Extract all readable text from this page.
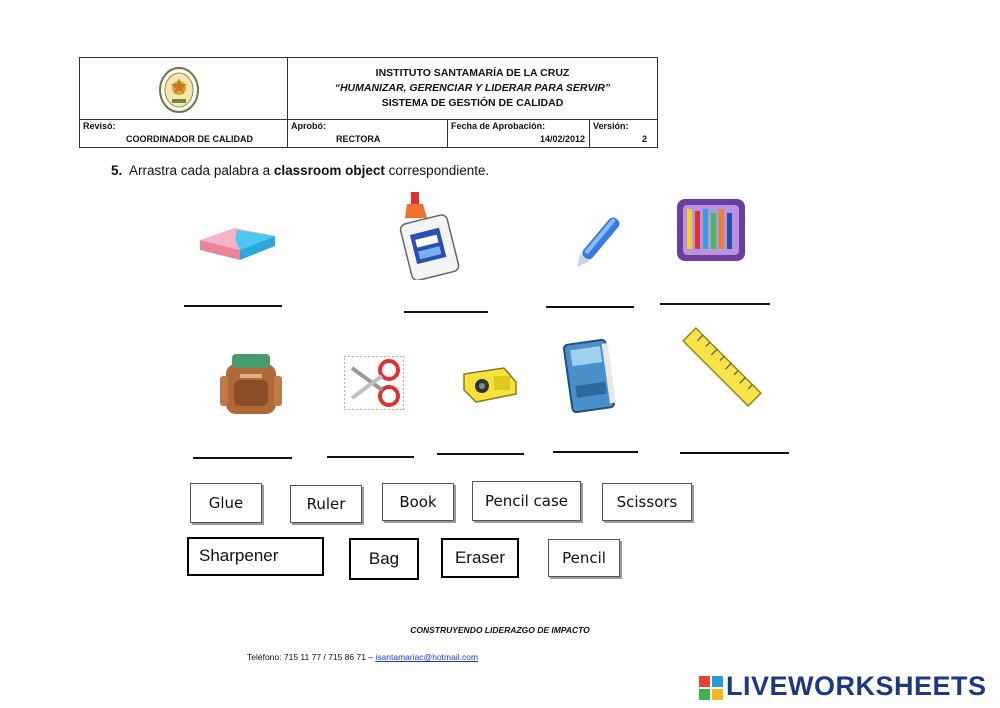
INSTITUTO SANTAMARÍA DE LA CRUZ
“HUMANIZAR, GERENCIAR Y LIDERAR PARA SERVIR”
SISTEMA DE GESTIÓN DE CALIDAD
Revisó:
COORDINADOR DE CALIDAD
Aprobó:
RECTORA
Fecha de Aprobación:
14/02/2012
Versión:
2
5. Arrastra cada palabra a classroom object correspondiente.
Glue	Ruler	Book	Pencil case	Scissors
Sharpener	Bag	Eraser	Pencil
CONSTRUYENDO LIDERAZGO DE IMPACTO
Teléfono: 715 11 77 / 715 86 71 – isantamariac@hotmail.com
LIVEWORKSHEETS
